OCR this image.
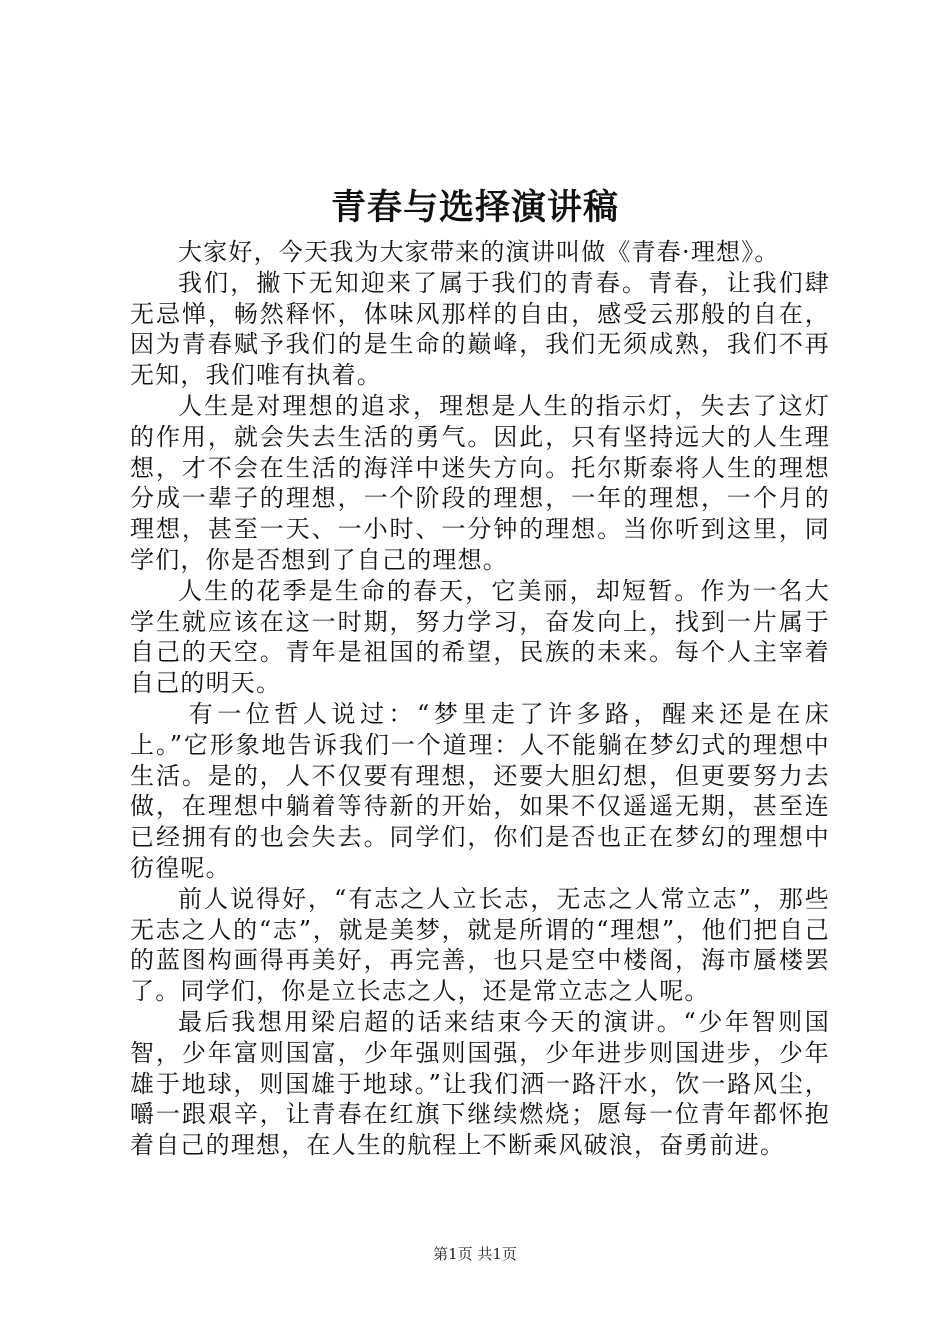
青春与选择演讲稿

大家好，今天我为大家带来的演讲叫做《青春·理想》。

我们，撇下无知迎来了属于我们的青春。青春，让我们肆无忌惮，畅然释怀，体味风那样的自由，感受云那般的自在，因为青春赋予我们的是生命的巅峰，我们无须成熟，我们不再无知，我们唯有执着。

人生是对理想的追求，理想是人生的指示灯，失去了这灯的作用，就会失去生活的勇气。因此，只有坚持远大的人生理想，才不会在生活的海洋中迷失方向。托尔斯泰将人生的理想分成一辈子的理想，一个阶段的理想，一年的理想，一个月的理想，甚至一天、一小时、一分钟的理想。当你听到这里，同学们，你是否想到了自己的理想。

人生的花季是生命的春天，它美丽，却短暂。作为一名大学生就应该在这一时期，努力学习，奋发向上，找到一片属于自己的天空。青年是祖国的希望，民族的未来。每个人主宰着自己的明天。

有一位哲人说过：“梦里走了许多路，醒来还是在床上。”它形象地告诉我们一个道理：人不能躺在梦幻式的理想中生活。是的，人不仅要有理想，还要大胆幻想，但更要努力去做，在理想中躺着等待新的开始，如果不仅遥遥无期，甚至连已经拥有的也会失去。同学们，你们是否也正在梦幻的理想中彷徨呢。

前人说得好，“有志之人立长志，无志之人常立志”，那些无志之人的“志”，就是美梦，就是所谓的“理想”，他们把自己的蓝图构画得再美好，再完善，也只是空中楼阁，海市蜃楼罢了。同学们，你是立长志之人，还是常立志之人呢。

最后我想用梁启超的话来结束今天的演讲。“少年智则国智，少年富则国富，少年强则国强，少年进步则国进步，少年雄于地球，则国雄于地球。”让我们洒一路汗水，饮一路风尘，嚼一跟艰辛，让青春在红旗下继续燃烧；愿每一位青年都怀抱着自己的理想，在人生的航程上不断乘风破浪，奋勇前进。

第1页 共1页
